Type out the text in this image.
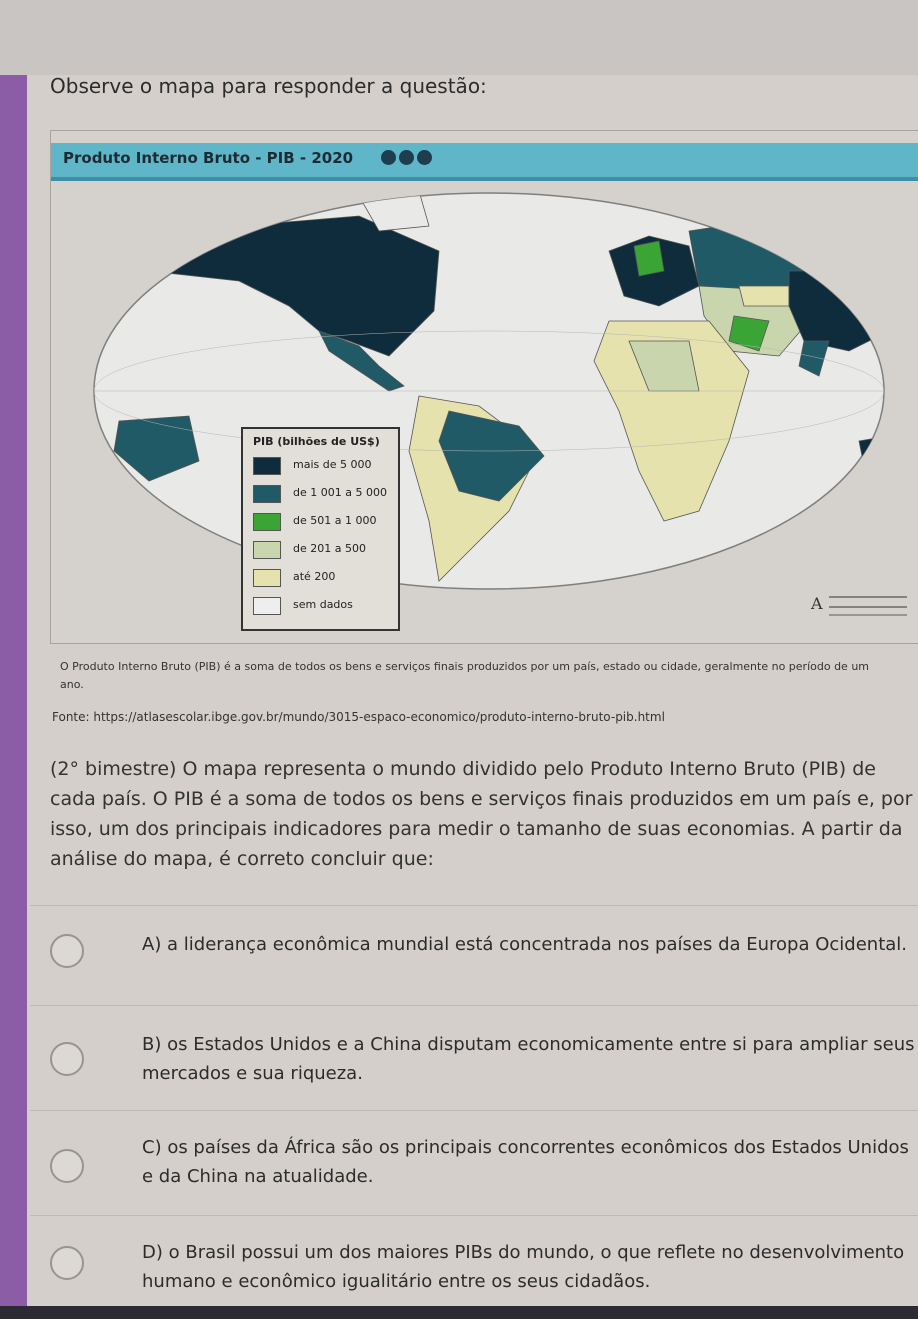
Observe o mapa para responder a questão:
Produto Interno Bruto - PIB - 2020
PIB (bilhões de US$)
mais de 5 000
de 1 001 a 5 000
de 501 a 1 000
de 201 a 500
até 200
sem dados	A
O Produto Interno Bruto (PIB) é a soma de todos os bens e serviços finais produzidos por um país, estado ou cidade, geralmente no período de um ano.
Fonte: https://atlasescolar.ibge.gov.br/mundo/3015-espaco-economico/produto-interno-bruto-pib.html
(2° bimestre) O mapa representa o mundo dividido pelo Produto Interno Bruto (PIB) de cada país. O PIB é a soma de todos os bens e serviços finais produzidos em um país e, por isso, um dos principais indicadores para medir o tamanho de suas economias. A partir da análise do mapa, é correto concluir que:
A) a liderança econômica mundial está concentrada nos países da Europa Ocidental.
B) os Estados Unidos e a China disputam economicamente entre si para ampliar seus mercados e sua riqueza.
C) os países da África são os principais concorrentes econômicos dos Estados Unidos e da China na atualidade.
D) o Brasil possui um dos maiores PIBs do mundo, o que reflete no desenvolvimento humano e econômico igualitário entre os seus cidadãos.
